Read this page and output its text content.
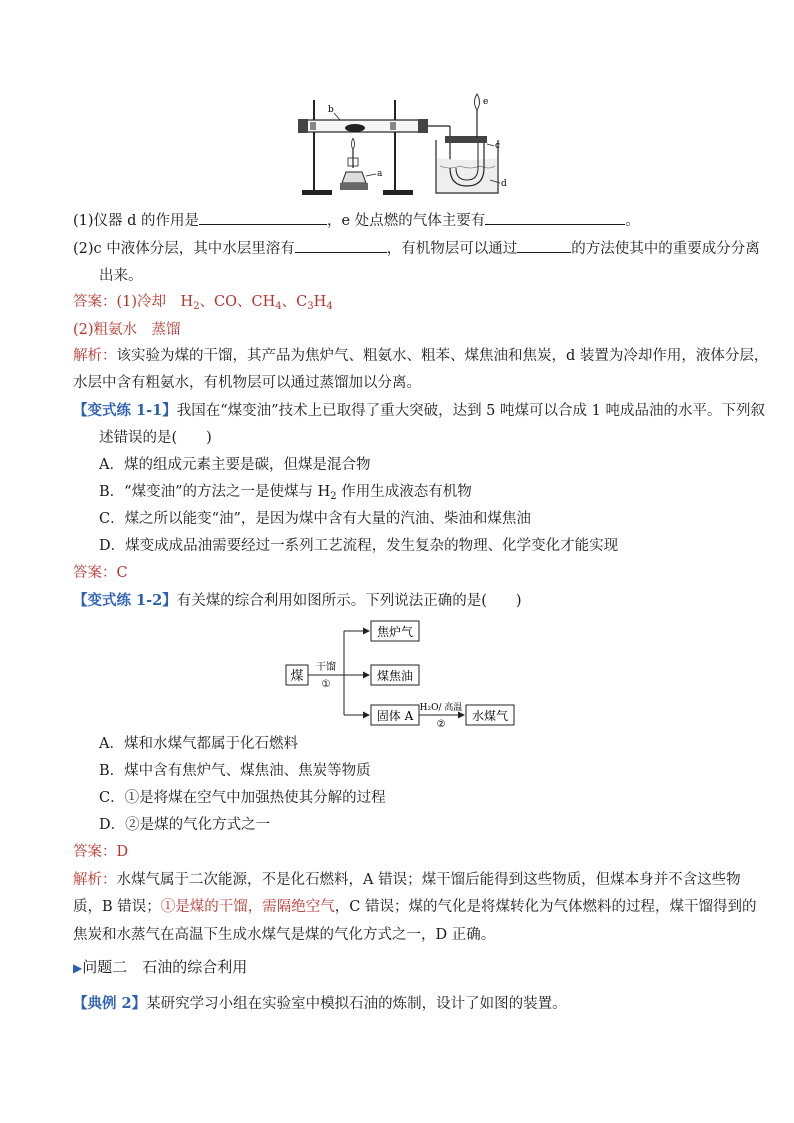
b
a
c
d
e
(1)仪器 d 的作用是	，e 处点燃的气体主要有	。
(2)c 中液体分层，其中水层里溶有	，有机物层可以通过	的方法使其中的重要成分分离
出来。
答案：(1)冷却　$H_2$、CO、$CH_4$、$C_3H_4$
(2)粗氨水　蒸馏
解析：该实验为煤的干馏，其产品为焦炉气、粗氨水、粗苯、煤焦油和焦炭，d 装置为冷却作用，液体分层，
水层中含有粗氨水，有机物层可以通过蒸馏加以分离。
【变式练 1-1】我国在“煤变油”技术上已取得了重大突破，达到 5 吨煤可以合成 1 吨成品油的水平。下列叙
述错误的是(　　)
A．煤的组成元素主要是碳，但煤是混合物
B．“煤变油”的方法之一是使煤与 $H_2$ 作用生成液态有机物
C．煤之所以能变“油”，是因为煤中含有大量的汽油、柴油和煤焦油
D．煤变成成品油需要经过一系列工艺流程，发生复杂的物理、化学变化才能实现
答案：C
【变式练 1-2】有关煤的综合利用如图所示。下列说法正确的是(　　)
煤
干馏
①
焦炉气
煤焦油
固体 A
H₂O/ 高温
②
水煤气
A．煤和水煤气都属于化石燃料
B．煤中含有焦炉气、煤焦油、焦炭等物质
C．①是将煤在空气中加强热使其分解的过程
D．②是煤的气化方式之一
答案：D
解析：水煤气属于二次能源，不是化石燃料，A 错误；煤干馏后能得到这些物质，但煤本身并不含这些物
质，B 错误；①是煤的干馏，需隔绝空气，C 错误；煤的气化是将煤转化为气体燃料的过程，煤干馏得到的
焦炭和水蒸气在高温下生成水煤气是煤的气化方式之一，D 正确。
▶问题二　石油的综合利用
【典例 2】某研究学习小组在实验室中模拟石油的炼制，设计了如图的装置。
